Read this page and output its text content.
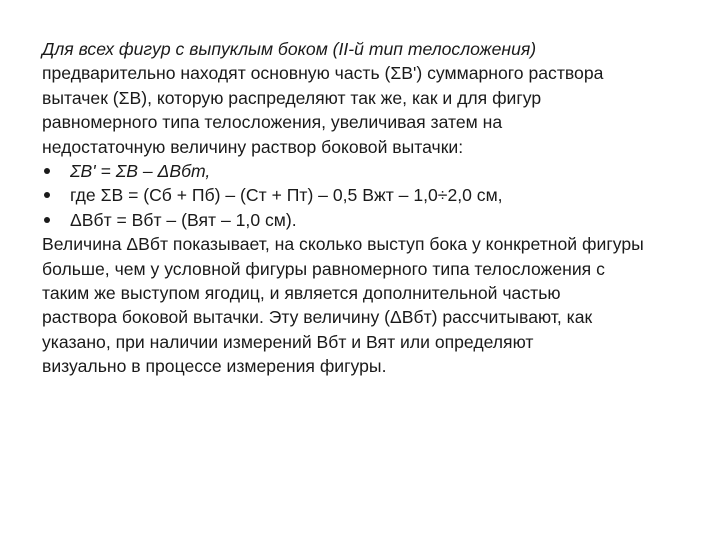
Для всех фигур с выпуклым боком (II-й тип телосложения)
предварительно находят основную часть (ΣВ') суммарного раствора
вытачек (ΣВ), которую распределяют так же, как и для фигур
равномерного типа телосложения, увеличивая затем на
недостаточную величину раствор боковой вытачки:
ΣВ' = ΣВ – ΔВбт,
где ΣВ = (Сб + Пб) – (Ст + Пт) – 0,5 Вжт – 1,0÷2,0 см,
ΔВбт = Вбт – (Вят – 1,0 см).
Величина ΔВбт показывает, на сколько выступ бока у конкретной фигуры
больше, чем у условной фигуры равномерного типа телосложения с
таким же выступом ягодиц, и является дополнительной частью
раствора боковой вытачки. Эту величину (ΔВбт) рассчитывают, как
указано, при наличии измерений Вбт и Вят или определяют
визуально в процессе измерения фигуры.
